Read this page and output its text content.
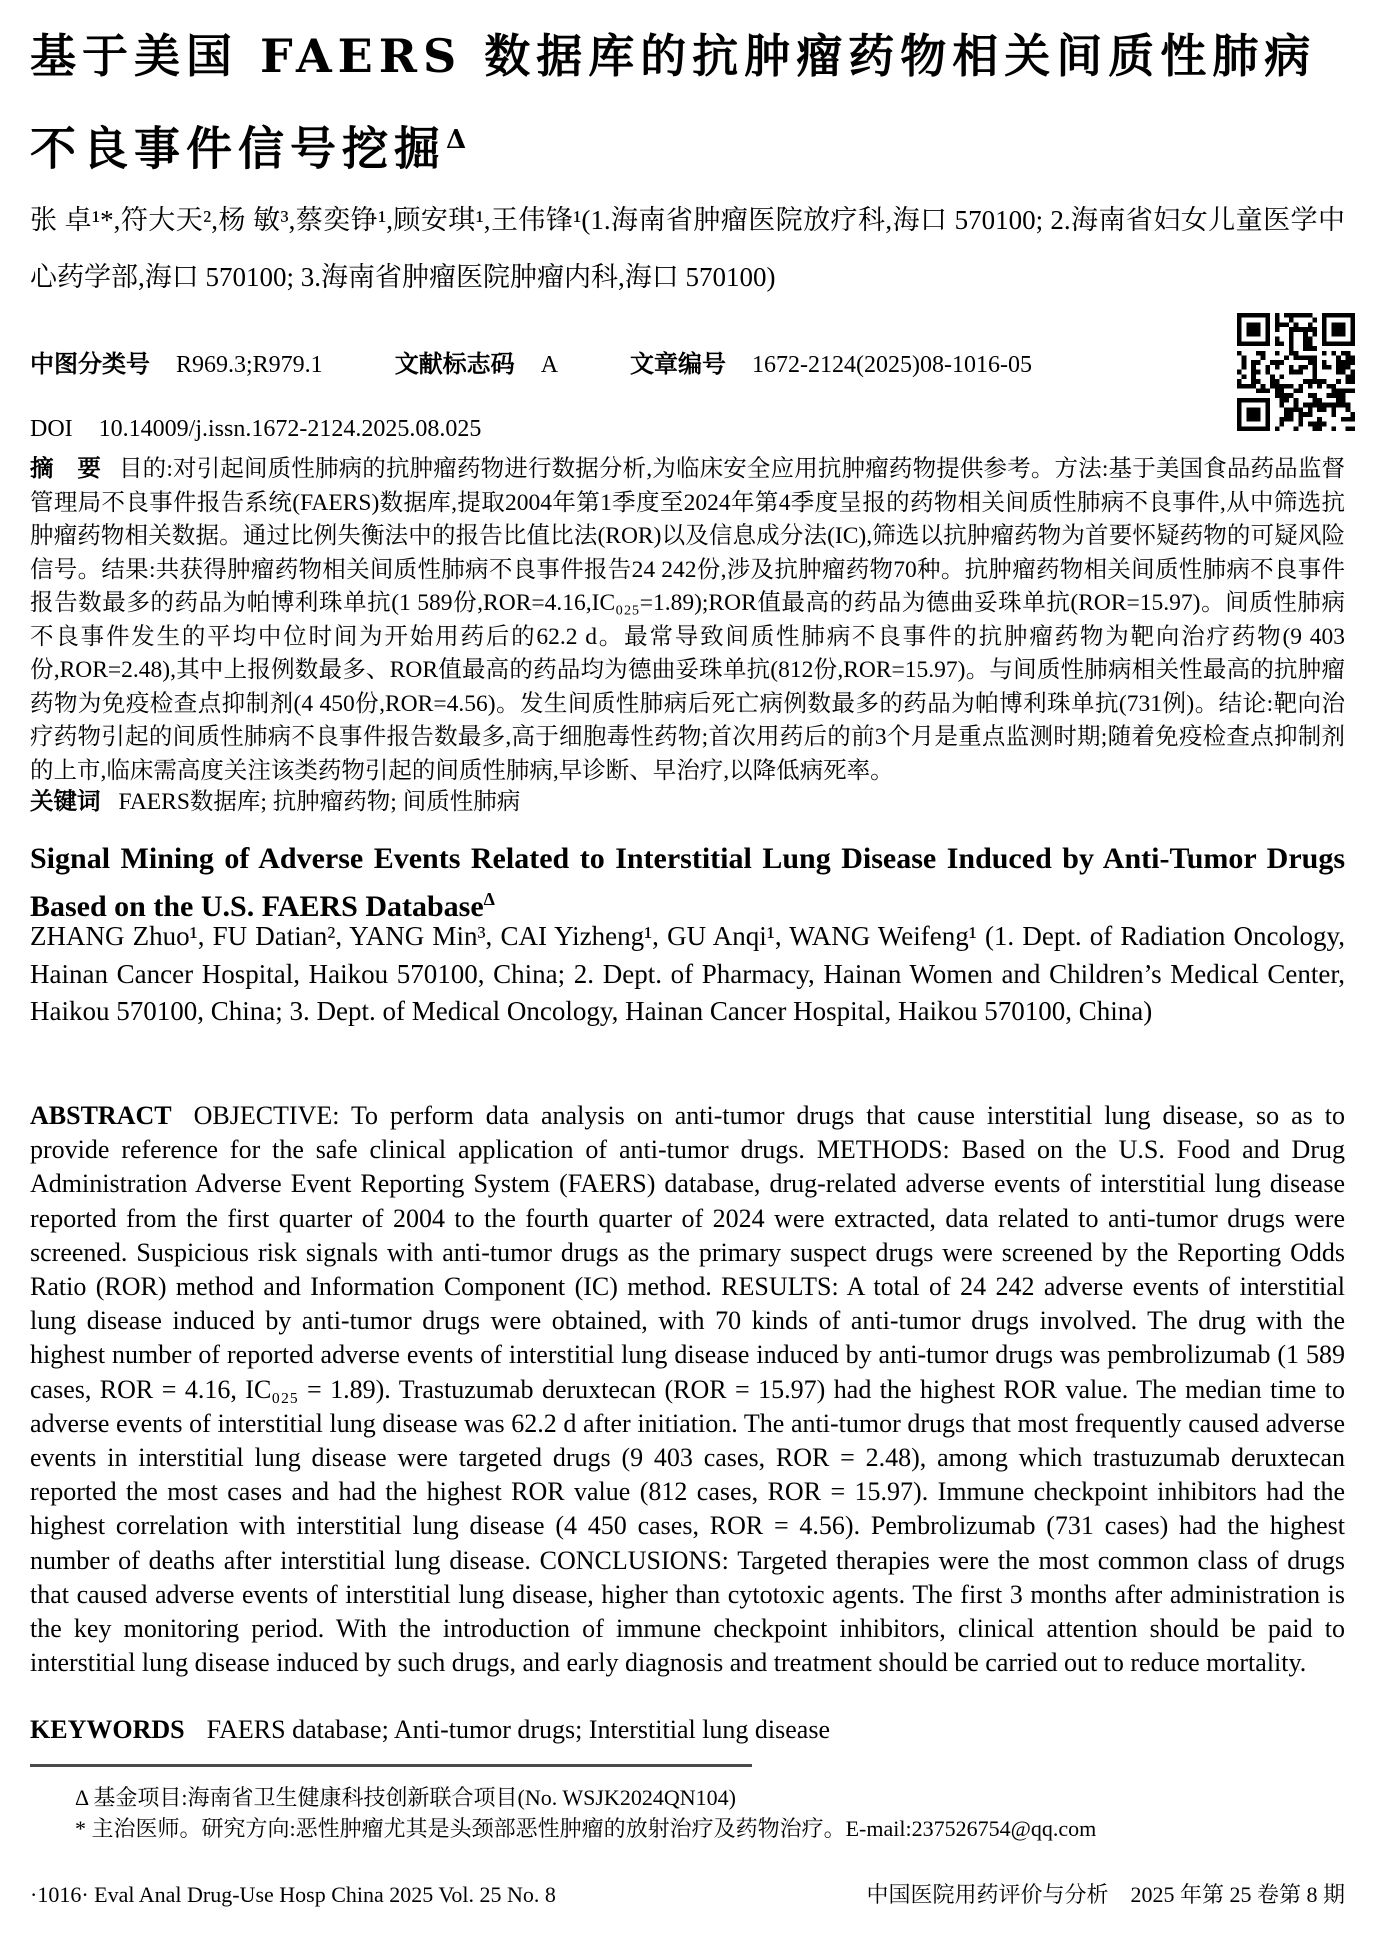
基于美国 FAERS 数据库的抗肿瘤药物相关间质性肺病不良事件信号挖掘$^\Delta$

张 卓¹*,符大天²,杨 敏³,蔡奕铮¹,顾安琪¹,王伟锋¹(1.海南省肿瘤医院放疗科,海口 570100; 2.海南省妇女儿童医学中心药学部,海口 570100; 3.海南省肿瘤医院肿瘤内科,海口 570100)

中图分类号 R969.3;R979.1	文献标志码 A	文章编号 1672-2124(2025)08-1016-05

DOI 10.14009/j.issn.1672-2124.2025.08.025

摘　要 目的:对引起间质性肺病的抗肿瘤药物进行数据分析,为临床安全应用抗肿瘤药物提供参考。方法:基于美国食品药品监督管理局不良事件报告系统(FAERS)数据库,提取2004年第1季度至2024年第4季度呈报的药物相关间质性肺病不良事件,从中筛选抗肿瘤药物相关数据。通过比例失衡法中的报告比值比法(ROR)以及信息成分法(IC),筛选以抗肿瘤药物为首要怀疑药物的可疑风险信号。结果:共获得肿瘤药物相关间质性肺病不良事件报告24 242份,涉及抗肿瘤药物70种。抗肿瘤药物相关间质性肺病不良事件报告数最多的药品为帕博利珠单抗(1 589份,ROR=4.16,IC₀₂₅=1.89);ROR值最高的药品为德曲妥珠单抗(ROR=15.97)。间质性肺病不良事件发生的平均中位时间为开始用药后的62.2 d。最常导致间质性肺病不良事件的抗肿瘤药物为靶向治疗药物(9 403份,ROR=2.48),其中上报例数最多、ROR值最高的药品均为德曲妥珠单抗(812份,ROR=15.97)。与间质性肺病相关性最高的抗肿瘤药物为免疫检查点抑制剂(4 450份,ROR=4.56)。发生间质性肺病后死亡病例数最多的药品为帕博利珠单抗(731例)。结论:靶向治疗药物引起的间质性肺病不良事件报告数最多,高于细胞毒性药物;首次用药后的前3个月是重点监测时期;随着免疫检查点抑制剂的上市,临床需高度关注该类药物引起的间质性肺病,早诊断、早治疗,以降低病死率。

关键词 FAERS数据库; 抗肿瘤药物; 间质性肺病

Signal Mining of Adverse Events Related to Interstitial Lung Disease Induced by Anti-Tumor Drugs Based on the U.S. FAERS Database$^\Delta$

ZHANG Zhuo¹, FU Datian², YANG Min³, CAI Yizheng¹, GU Anqi¹, WANG Weifeng¹ (1. Dept. of Radiation Oncology, Hainan Cancer Hospital, Haikou 570100, China; 2. Dept. of Pharmacy, Hainan Women and Children’s Medical Center, Haikou 570100, China; 3. Dept. of Medical Oncology, Hainan Cancer Hospital, Haikou 570100, China)

ABSTRACT OBJECTIVE: To perform data analysis on anti-tumor drugs that cause interstitial lung disease, so as to provide reference for the safe clinical application of anti-tumor drugs. METHODS: Based on the U.S. Food and Drug Administration Adverse Event Reporting System (FAERS) database, drug-related adverse events of interstitial lung disease reported from the first quarter of 2004 to the fourth quarter of 2024 were extracted, data related to anti-tumor drugs were screened. Suspicious risk signals with anti-tumor drugs as the primary suspect drugs were screened by the Reporting Odds Ratio (ROR) method and Information Component (IC) method. RESULTS: A total of 24 242 adverse events of interstitial lung disease induced by anti-tumor drugs were obtained, with 70 kinds of anti-tumor drugs involved. The drug with the highest number of reported adverse events of interstitial lung disease induced by anti-tumor drugs was pembrolizumab (1 589 cases, ROR = 4.16, IC₀₂₅ = 1.89). Trastuzumab deruxtecan (ROR = 15.97) had the highest ROR value. The median time to adverse events of interstitial lung disease was 62.2 d after initiation. The anti-tumor drugs that most frequently caused adverse events in interstitial lung disease were targeted drugs (9 403 cases, ROR = 2.48), among which trastuzumab deruxtecan reported the most cases and had the highest ROR value (812 cases, ROR = 15.97). Immune checkpoint inhibitors had the highest correlation with interstitial lung disease (4 450 cases, ROR = 4.56). Pembrolizumab (731 cases) had the highest number of deaths after interstitial lung disease. CONCLUSIONS: Targeted therapies were the most common class of drugs that caused adverse events of interstitial lung disease, higher than cytotoxic agents. The first 3 months after administration is the key monitoring period. With the introduction of immune checkpoint inhibitors, clinical attention should be paid to interstitial lung disease induced by such drugs, and early diagnosis and treatment should be carried out to reduce mortality.

KEYWORDS FAERS database; Anti-tumor drugs; Interstitial lung disease

Δ 基金项目:海南省卫生健康科技创新联合项目(No. WSJK2024QN104)

* 主治医师。研究方向:恶性肿瘤尤其是头颈部恶性肿瘤的放射治疗及药物治疗。E-mail:237526754@qq.com

·1016· Eval Anal Drug-Use Hosp China 2025 Vol. 25 No. 8	中国医院用药评价与分析　2025 年第 25 卷第 8 期
